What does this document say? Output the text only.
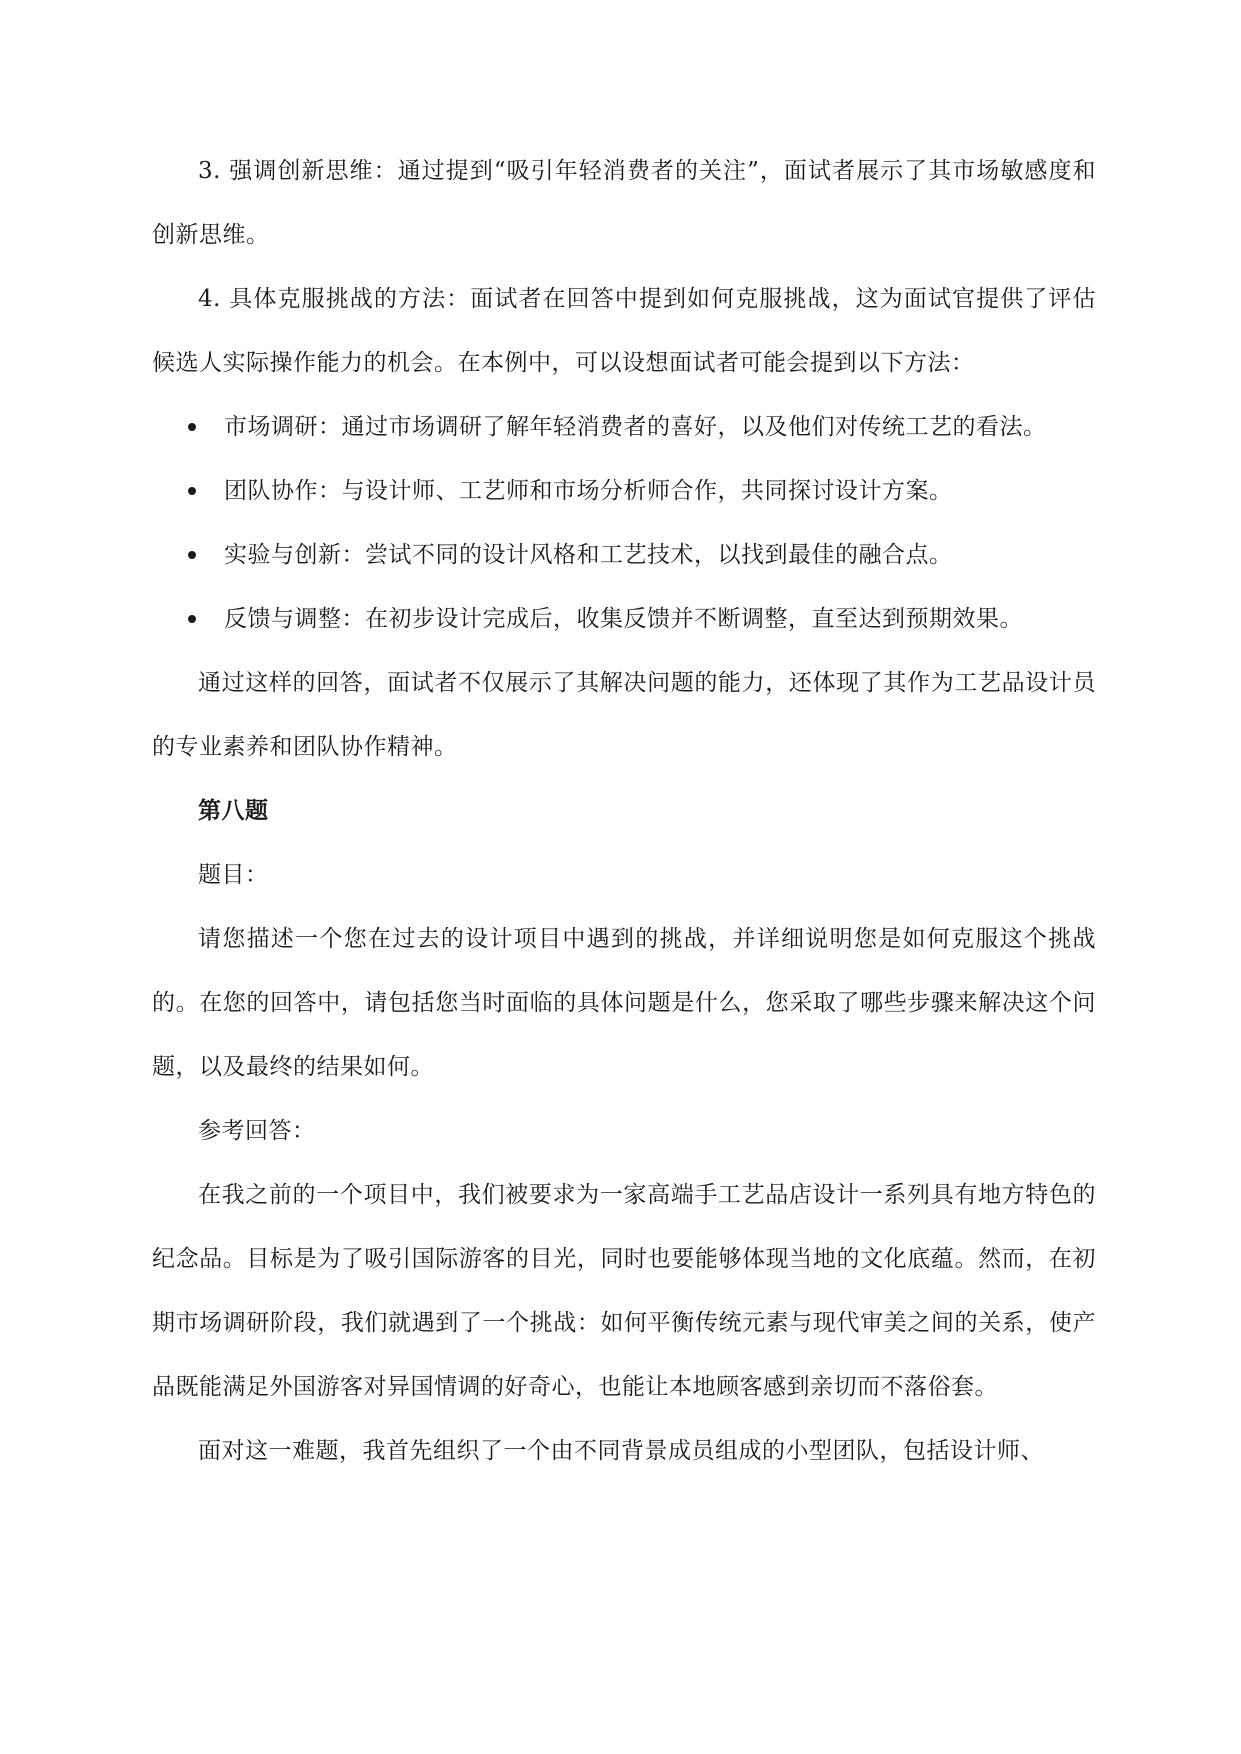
3. 强调创新思维：通过提到“吸引年轻消费者的关注”，面试者展示了其市场敏感度和创新思维。

4. 具体克服挑战的方法：面试者在回答中提到如何克服挑战，这为面试官提供了评估候选人实际操作能力的机会。在本例中，可以设想面试者可能会提到以下方法：

市场调研：通过市场调研了解年轻消费者的喜好，以及他们对传统工艺的看法。
团队协作：与设计师、工艺师和市场分析师合作，共同探讨设计方案。
实验与创新：尝试不同的设计风格和工艺技术，以找到最佳的融合点。
反馈与调整：在初步设计完成后，收集反馈并不断调整，直至达到预期效果。

通过这样的回答，面试者不仅展示了其解决问题的能力，还体现了其作为工艺品设计员的专业素养和团队协作精神。

第八题

题目：

请您描述一个您在过去的设计项目中遇到的挑战，并详细说明您是如何克服这个挑战的。在您的回答中，请包括您当时面临的具体问题是什么，您采取了哪些步骤来解决这个问题，以及最终的结果如何。

参考回答：

在我之前的一个项目中，我们被要求为一家高端手工艺品店设计一系列具有地方特色的纪念品。目标是为了吸引国际游客的目光，同时也要能够体现当地的文化底蕴。然而，在初期市场调研阶段，我们就遇到了一个挑战：如何平衡传统元素与现代审美之间的关系，使产品既能满足外国游客对异国情调的好奇心，也能让本地顾客感到亲切而不落俗套。

面对这一难题，我首先组织了一个由不同背景成员组成的小型团队，包括设计师、
